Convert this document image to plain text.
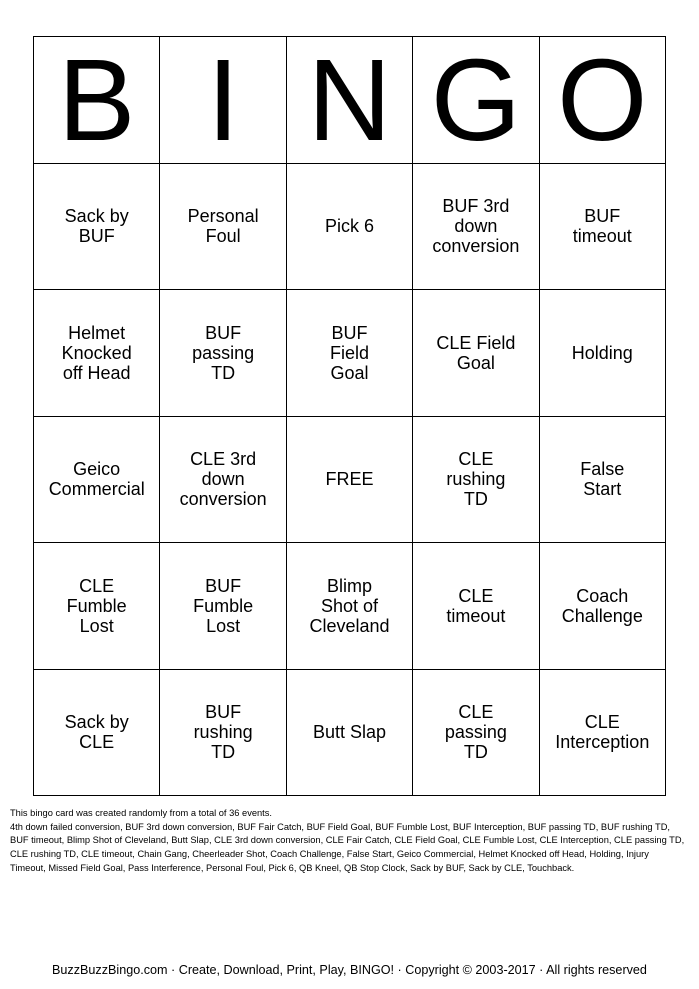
B I N G O
Sack by
BUF
Personal
Foul	Pick 6
BUF 3rd
down
conversion
BUF
timeout
Helmet
Knocked
off Head
BUF
passing
TD
BUF
Field
Goal
CLE Field
Goal	Holding
Geico
Commercial
CLE 3rd
down
conversion
FREE
CLE
rushing
TD
False
Start
CLE
Fumble
Lost
BUF
Fumble
Lost
Blimp
Shot of
Cleveland
CLE
timeout
Coach
Challenge
Sack by
CLE
BUF
rushing
TD
Butt Slap
CLE
passing
TD
CLE
Interception

This bingo card was created randomly from a total of 36 events.

4th down failed conversion, BUF 3rd down conversion, BUF Fair Catch, BUF Field Goal, BUF Fumble Lost, BUF Interception, BUF passing TD, BUF rushing TD, BUF timeout, Blimp Shot of Cleveland, Butt Slap, CLE 3rd down conversion, CLE Fair Catch, CLE Field Goal, CLE Fumble Lost, CLE Interception, CLE passing TD, CLE rushing TD, CLE timeout, Chain Gang, Cheerleader Shot, Coach Challenge, False Start, Geico Commercial, Helmet Knocked off Head, Holding, Injury Timeout, Missed Field Goal, Pass Interference, Personal Foul, Pick 6, QB Kneel, QB Stop Clock, Sack by BUF, Sack by CLE, Touchback.

BuzzBuzzBingo.com · Create, Download, Print, Play, BINGO! · Copyright © 2003-2017 · All rights reserved
